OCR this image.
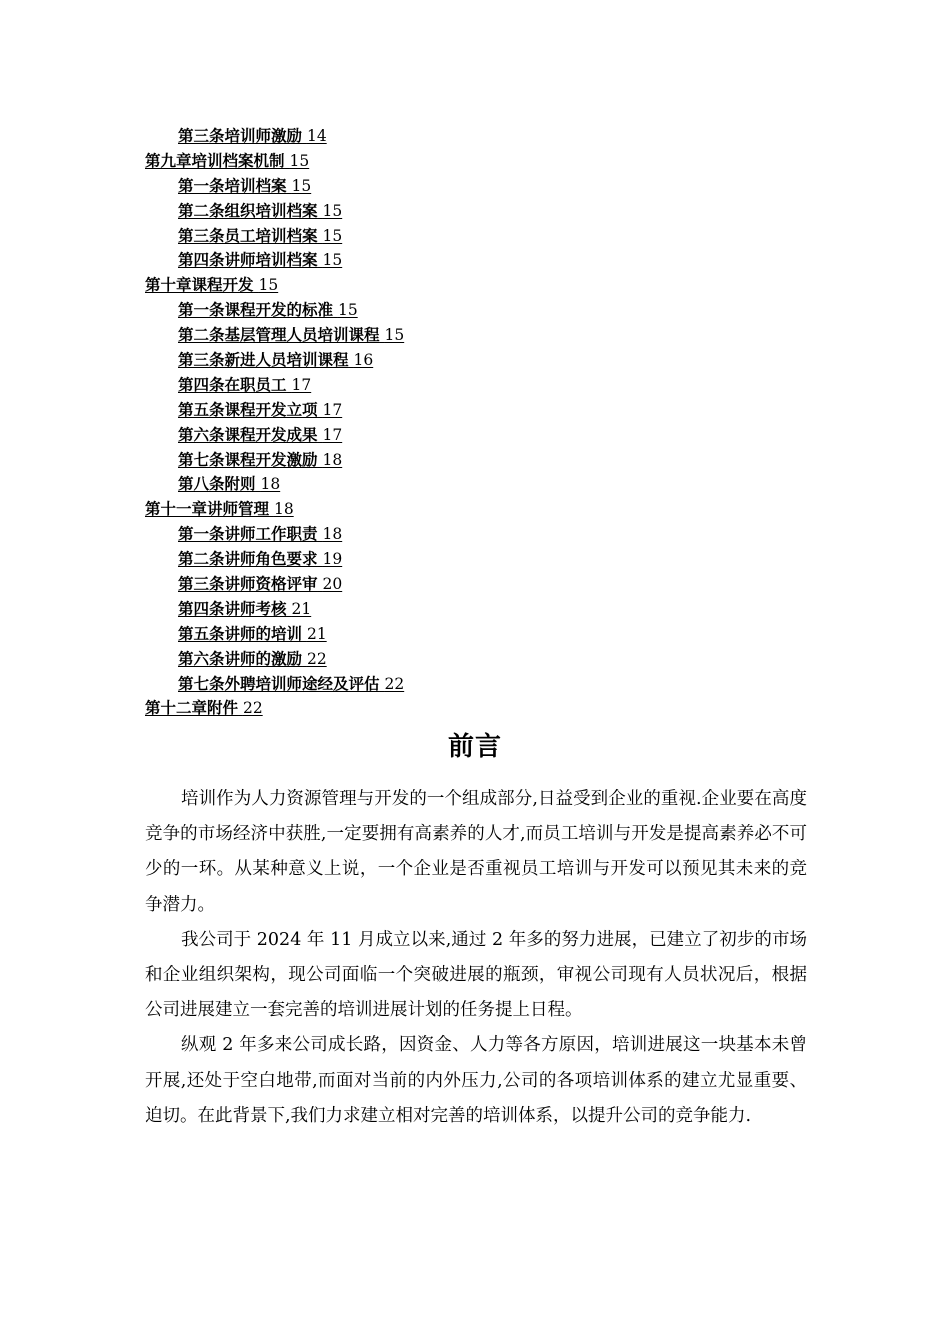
第三条培训师激励 14
第九章培训档案机制 15
第一条培训档案 15
第二条组织培训档案 15
第三条员工培训档案 15
第四条讲师培训档案 15
第十章课程开发 15
第一条课程开发的标准 15
第二条基层管理人员培训课程 15
第三条新进人员培训课程 16
第四条在职员工 17
第五条课程开发立项 17
第六条课程开发成果 17
第七条课程开发激励 18
第八条附则 18
第十一章讲师管理 18
第一条讲师工作职责 18
第二条讲师角色要求 19
第三条讲师资格评审 20
第四条讲师考核 21
第五条讲师的培训 21
第六条讲师的激励 22
第七条外聘培训师途经及评估 22
第十二章附件 22
前言

培训作为人力资源管理与开发的一个组成部分,日益受到企业的重视.企业要在高度竞争的市场经济中获胜,一定要拥有高素养的人才,而员工培训与开发是提高素养必不可少的一环。从某种意义上说，一个企业是否重视员工培训与开发可以预见其未来的竞争潜力。

我公司于 2024 年 11 月成立以来,通过 2 年多的努力进展，已建立了初步的市场和企业组织架构，现公司面临一个突破进展的瓶颈，审视公司现有人员状况后，根据公司进展建立一套完善的培训进展计划的任务提上日程。

纵观 2 年多来公司成长路，因资金、人力等各方原因，培训进展这一块基本未曾开展,还处于空白地带,而面对当前的内外压力,公司的各项培训体系的建立尤显重要、迫切。在此背景下,我们力求建立相对完善的培训体系，以提升公司的竞争能力.
